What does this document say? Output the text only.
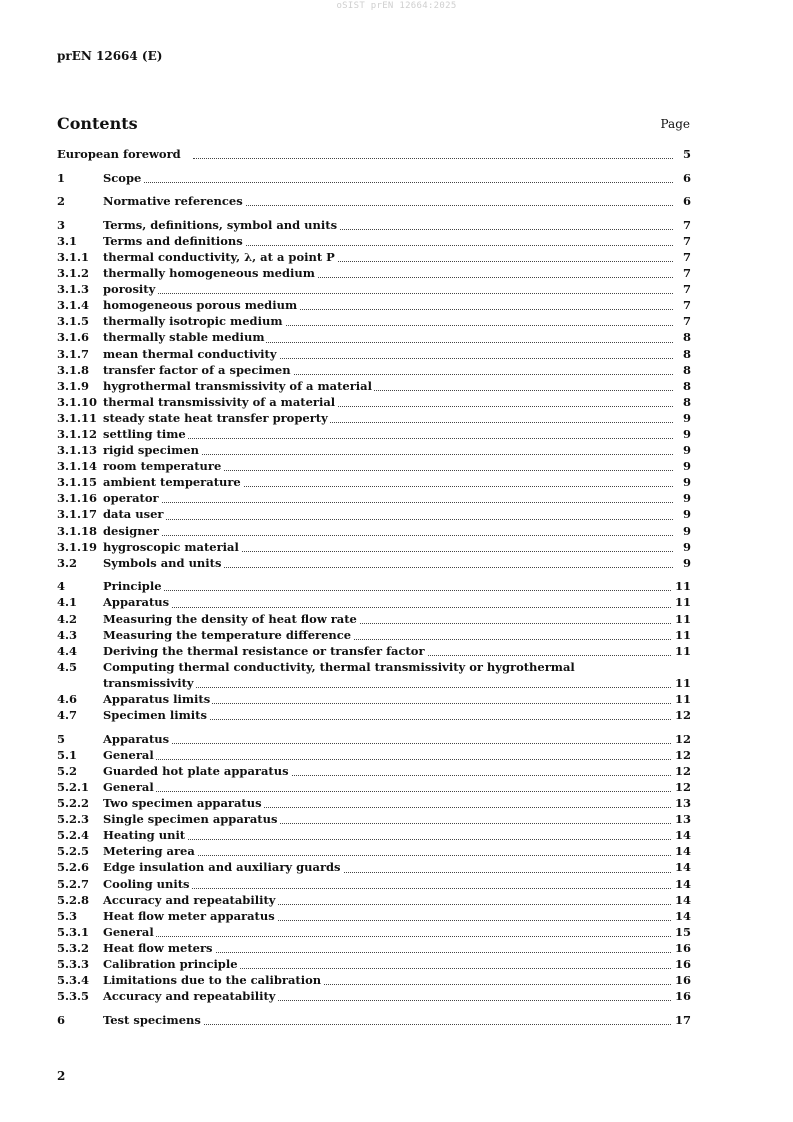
oSIST prEN 12664:2025
prEN 12664 (E)
Contents	Page
European foreword	5
1	Scope	6
2	Normative references	6
3	Terms, definitions, symbol and units	7
3.1 Terms and definitions	7
3.1.1 thermal conductivity, λ, at a point P	7
3.1.2 thermally homogeneous medium	7
3.1.3 porosity	7
3.1.4 homogeneous porous medium	7
3.1.5 thermally isotropic medium	7
3.1.6 thermally stable medium	8
3.1.7 mean thermal conductivity	8
3.1.8 transfer factor of a specimen	8
3.1.9 hygrothermal transmissivity of a material	8
3.1.10 thermal transmissivity of a material	8
3.1.11 steady state heat transfer property	9
3.1.12 settling time	9
3.1.13 rigid specimen	9
3.1.14 room temperature	9
3.1.15 ambient temperature	9
3.1.16 operator	9
3.1.17 data user	9
3.1.18 designer	9
3.1.19 hygroscopic material	9
3.2 Symbols and units	9
4	Principle	11
4.1 Apparatus	11
4.2 Measuring the density of heat flow rate	11
4.3 Measuring the temperature difference	11
4.4 Deriving the thermal resistance or transfer factor	11
4.5 Computing thermal conductivity, thermal transmissivity or hygrothermal
transmissivity	11
4.6 Apparatus limits	11
4.7 Specimen limits	12
5	Apparatus	12
5.1 General	12
5.2 Guarded hot plate apparatus	12
5.2.1 General	12
5.2.2 Two specimen apparatus	13
5.2.3 Single specimen apparatus	13
5.2.4 Heating unit	14
5.2.5 Metering area	14
5.2.6 Edge insulation and auxiliary guards	14
5.2.7 Cooling units	14
5.2.8 Accuracy and repeatability	14
5.3 Heat flow meter apparatus	14
5.3.1 General	15
5.3.2 Heat flow meters	16
5.3.3 Calibration principle	16
5.3.4 Limitations due to the calibration	16
5.3.5 Accuracy and repeatability	16
6	Test specimens	17
2
